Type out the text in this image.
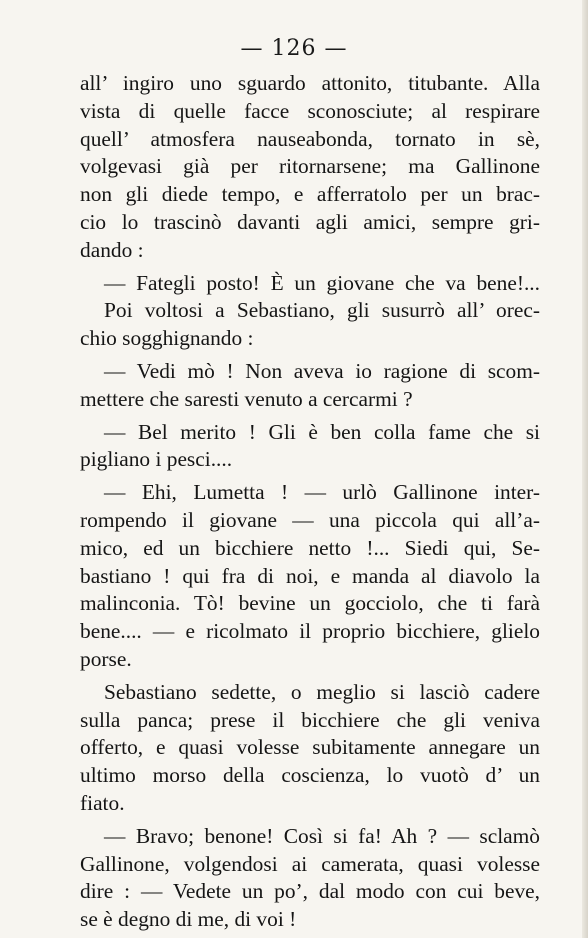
— 126 —
all’ ingiro uno sguardo attonito, titubante. Alla
vista di quelle facce sconosciute; al respirare
quell’ atmosfera nauseabonda, tornato in sè,
volgevasi già per ritornarsene; ma Gallinone
non gli diede tempo, e afferratolo per un brac-
cio lo trascinò davanti agli amici, sempre gri-
dando :
— Fategli posto! È un giovane che va bene!...
Poi voltosi a Sebastiano, gli susurrò all’ orec-
chio sogghignando :
— Vedi mò ! Non aveva io ragione di scom-
mettere che saresti venuto a cercarmi ?
— Bel merito ! Gli è ben colla fame che si
pigliano i pesci....
— Ehi, Lumetta ! — urlò Gallinone inter-
rompendo il giovane — una piccola qui all’a-
mico, ed un bicchiere netto !... Siedi qui, Se-
bastiano ! qui fra di noi, e manda al diavolo la
malinconia. Tò! bevine un gocciolo, che ti farà
bene.... — e ricolmato il proprio bicchiere, glielo
porse.
Sebastiano sedette, o meglio si lasciò cadere
sulla panca; prese il bicchiere che gli veniva
offerto, e quasi volesse subitamente annegare un
ultimo morso della coscienza, lo vuotò d’ un
fiato.
— Bravo; benone! Così si fa! Ah ? — sclamò
Gallinone, volgendosi ai camerata, quasi volesse
dire : — Vedete un po’, dal modo con cui beve,
se è degno di me, di voi !
